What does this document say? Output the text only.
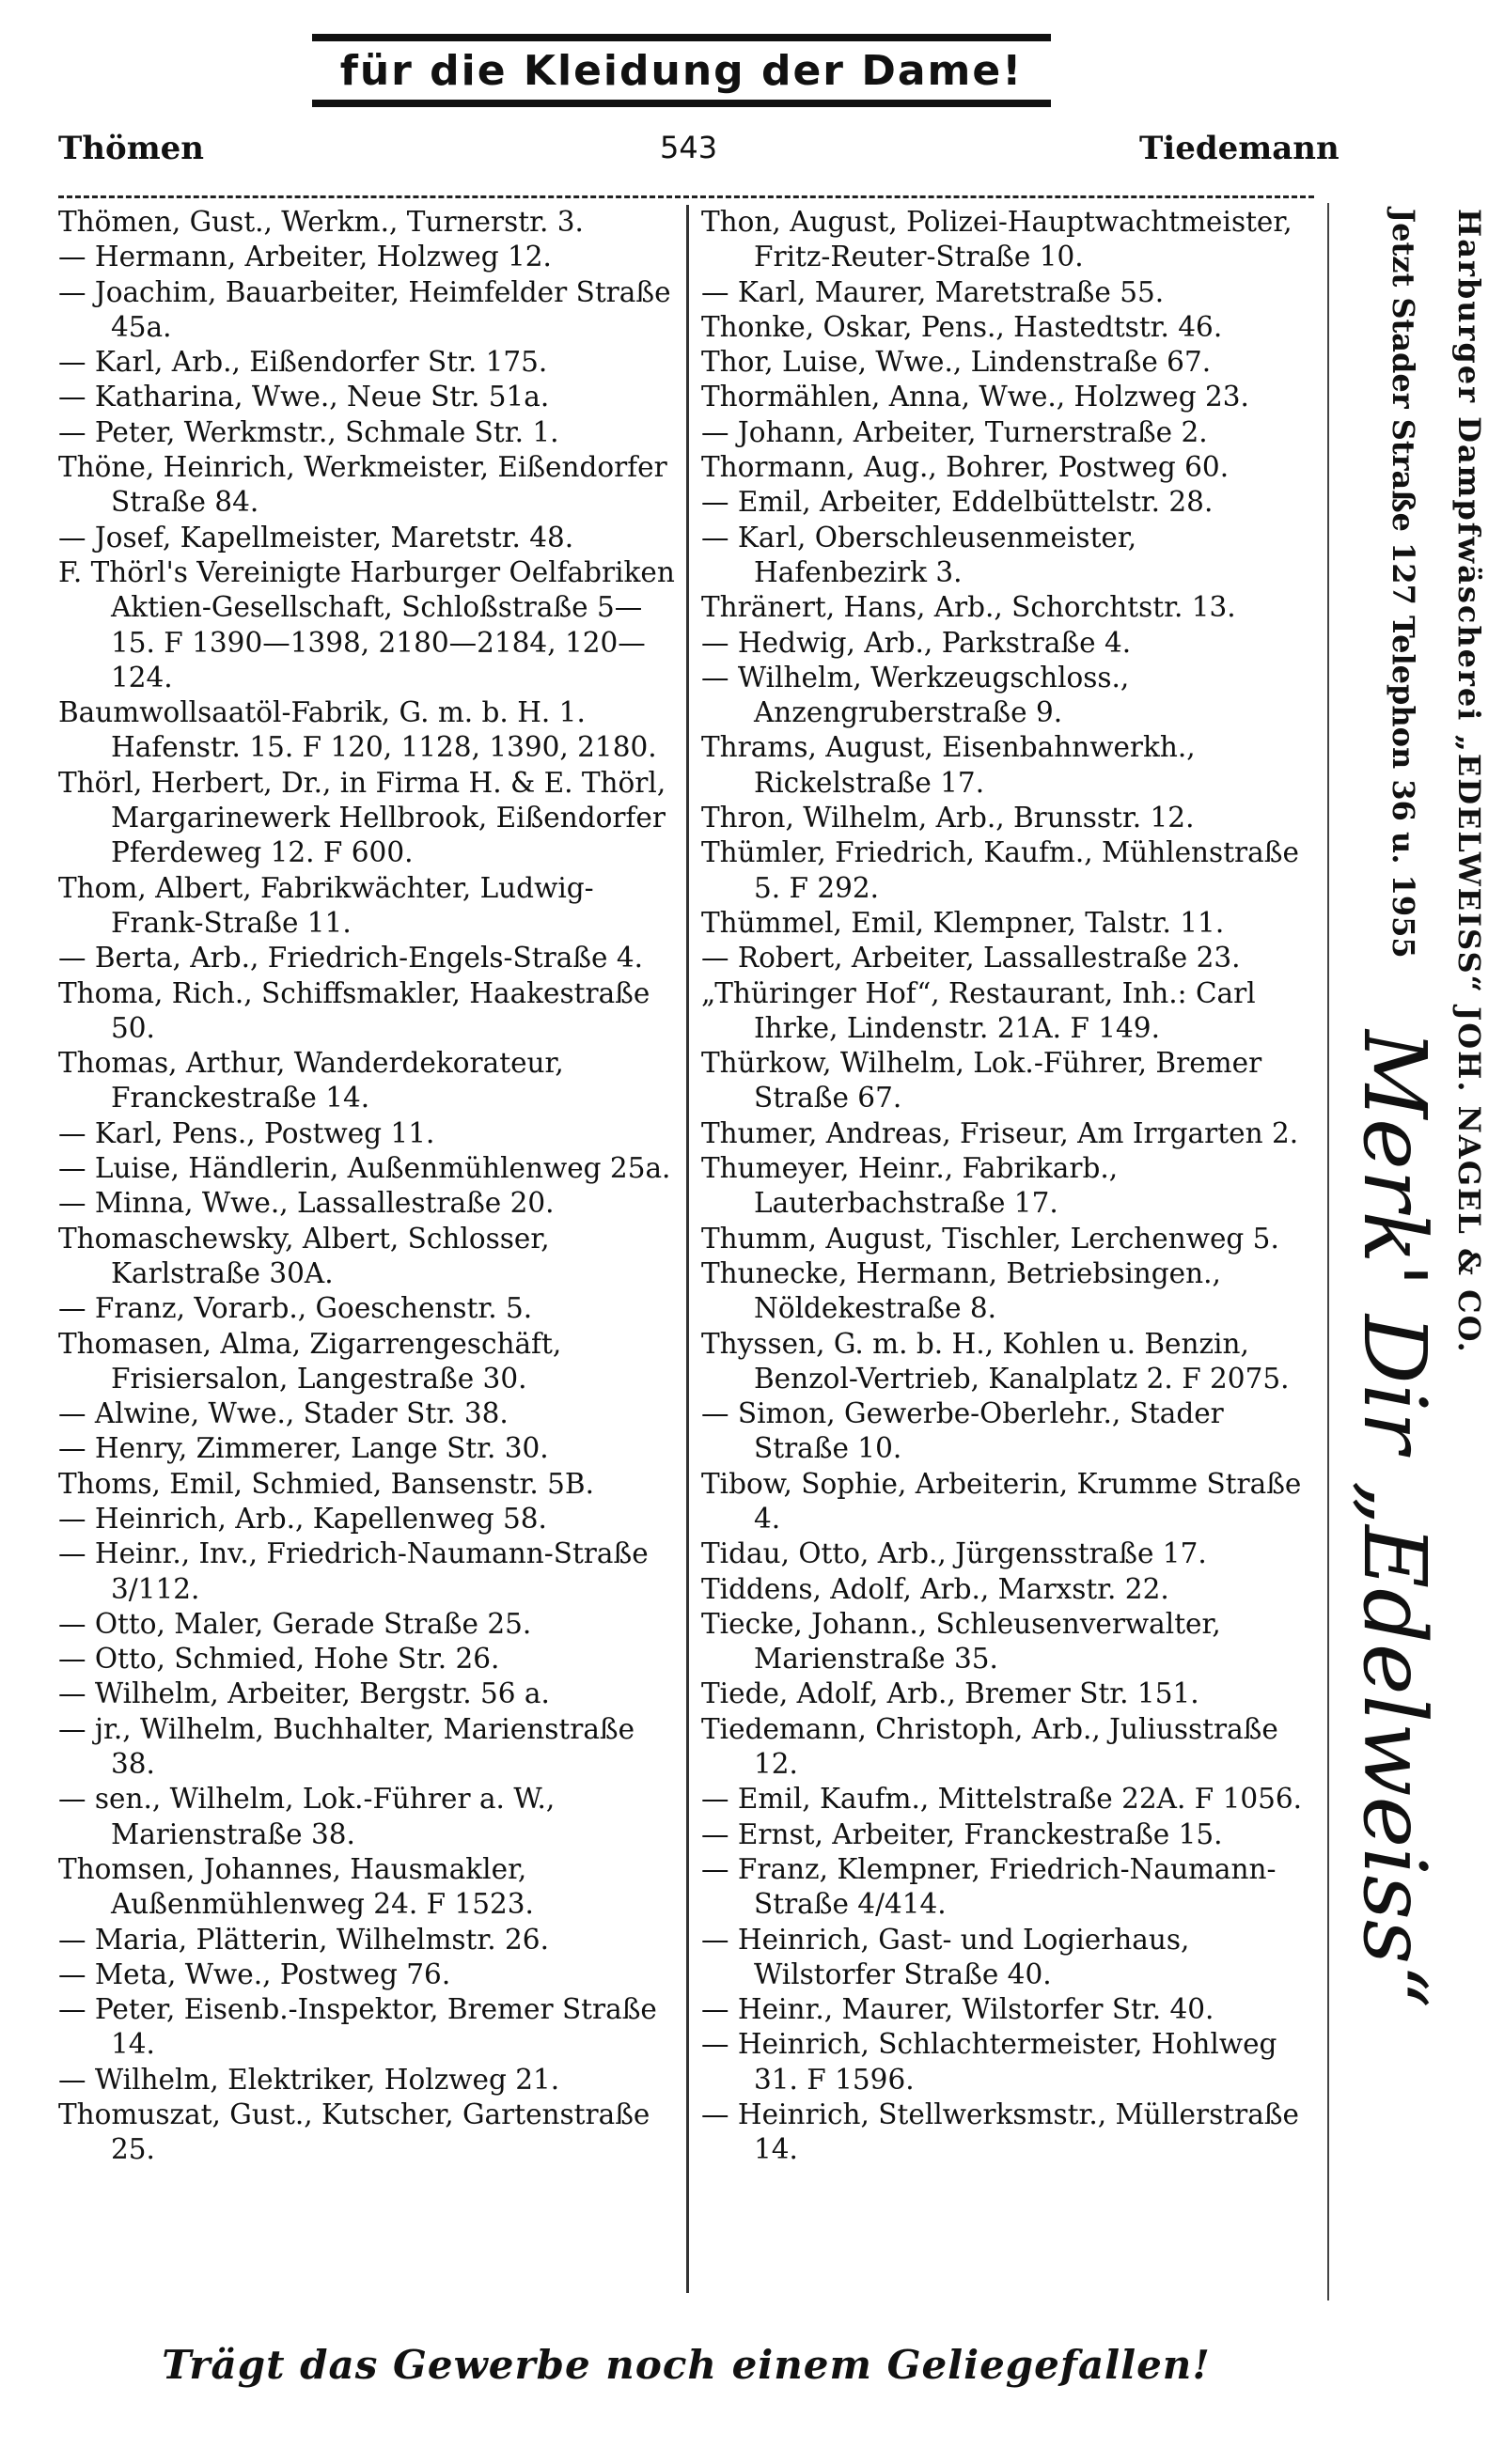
für die Kleidung der Dame!
Thömen	543	Tiedemann
Thömen, Gust., Werkm., Turnerstr. 3.
— Hermann, Arbeiter, Holzweg 12.
— Joachim, Bauarbeiter, Heimfelder Straße 45a.
— Karl, Arb., Eißendorfer Str. 175.
— Katharina, Wwe., Neue Str. 51a.
— Peter, Werkmstr., Schmale Str. 1.
Thöne, Heinrich, Werkmeister, Eißendorfer Straße 84.
— Josef, Kapellmeister, Maretstr. 48.
F. Thörl's Vereinigte Harburger Oelfabriken Aktien-Gesellschaft, Schloßstraße 5—15. F 1390—1398, 2180—2184, 120—124.
Baumwollsaatöl-Fabrik, G. m. b. H. 1. Hafenstr. 15. F 120, 1128, 1390, 2180.
Thörl, Herbert, Dr., in Firma H. & E. Thörl, Margarinewerk Hellbrook, Eißendorfer Pferdeweg 12. F 600.
Thom, Albert, Fabrikwächter, Ludwig-Frank-Straße 11.
— Berta, Arb., Friedrich-Engels-Straße 4.
Thoma, Rich., Schiffsmakler, Haakestraße 50.
Thomas, Arthur, Wanderdekorateur, Franckestraße 14.
— Karl, Pens., Postweg 11.
— Luise, Händlerin, Außenmühlenweg 25a.
— Minna, Wwe., Lassallestraße 20.
Thomaschewsky, Albert, Schlosser, Karlstraße 30A.
— Franz, Vorarb., Goeschenstr. 5.
Thomasen, Alma, Zigarrengeschäft, Frisiersalon, Langestraße 30.
— Alwine, Wwe., Stader Str. 38.
— Henry, Zimmerer, Lange Str. 30.
Thoms, Emil, Schmied, Bansenstr. 5B.
— Heinrich, Arb., Kapellenweg 58.
— Heinr., Inv., Friedrich-Naumann-Straße 3/112.
— Otto, Maler, Gerade Straße 25.
— Otto, Schmied, Hohe Str. 26.
— Wilhelm, Arbeiter, Bergstr. 56 a.
— jr., Wilhelm, Buchhalter, Marienstraße 38.
— sen., Wilhelm, Lok.-Führer a. W., Marienstraße 38.
Thomsen, Johannes, Hausmakler, Außenmühlenweg 24. F 1523.
— Maria, Plätterin, Wilhelmstr. 26.
— Meta, Wwe., Postweg 76.
— Peter, Eisenb.-Inspektor, Bremer Straße 14.
— Wilhelm, Elektriker, Holzweg 21.
Thomuszat, Gust., Kutscher, Gartenstraße 25.
Thon, August, Polizei-Hauptwachtmeister, Fritz-Reuter-Straße 10.
— Karl, Maurer, Maretstraße 55.
Thonke, Oskar, Pens., Hastedtstr. 46.
Thor, Luise, Wwe., Lindenstraße 67.
Thormählen, Anna, Wwe., Holzweg 23.
— Johann, Arbeiter, Turnerstraße 2.
Thormann, Aug., Bohrer, Postweg 60.
— Emil, Arbeiter, Eddelbüttelstr. 28.
— Karl, Oberschleusenmeister, Hafenbezirk 3.
Thränert, Hans, Arb., Schorchtstr. 13.
— Hedwig, Arb., Parkstraße 4.
— Wilhelm, Werkzeugschloss., Anzengruberstraße 9.
Thrams, August, Eisenbahnwerkh., Rickelstraße 17.
Thron, Wilhelm, Arb., Brunsstr. 12.
Thümler, Friedrich, Kaufm., Mühlenstraße 5. F 292.
Thümmel, Emil, Klempner, Talstr. 11.
— Robert, Arbeiter, Lassallestraße 23.
„Thüringer Hof“, Restaurant, Inh.: Carl Ihrke, Lindenstr. 21A. F 149.
Thürkow, Wilhelm, Lok.-Führer, Bremer Straße 67.
Thumer, Andreas, Friseur, Am Irrgarten 2.
Thumeyer, Heinr., Fabrikarb., Lauterbachstraße 17.
Thumm, August, Tischler, Lerchenweg 5.
Thunecke, Hermann, Betriebsingen., Nöldekestraße 8.
Thyssen, G. m. b. H., Kohlen u. Benzin, Benzol-Vertrieb, Kanalplatz 2. F 2075.
— Simon, Gewerbe-Oberlehr., Stader Straße 10.
Tibow, Sophie, Arbeiterin, Krumme Straße 4.
Tidau, Otto, Arb., Jürgensstraße 17.
Tiddens, Adolf, Arb., Marxstr. 22.
Tiecke, Johann., Schleusenverwalter, Marienstraße 35.
Tiede, Adolf, Arb., Bremer Str. 151.
Tiedemann, Christoph, Arb., Juliusstraße 12.
— Emil, Kaufm., Mittelstraße 22A. F 1056.
— Ernst, Arbeiter, Franckestraße 15.
— Franz, Klempner, Friedrich-Naumann-Straße 4/414.
— Heinrich, Gast- und Logierhaus, Wilstorfer Straße 40.
— Heinr., Maurer, Wilstorfer Str. 40.
— Heinrich, Schlachtermeister, Hohlweg 31. F 1596.
— Heinrich, Stellwerksmstr., Müllerstraße 14.
Harburger Dampfwäscherei „EDELWEISS“ JOH. NAGEL & CO.
Jetzt Stader Straße 127 Telephon 36 u. 1955
Merk' Dir „Edelweiss“
Trägt das Gewerbe noch einem Geliegefallen!
